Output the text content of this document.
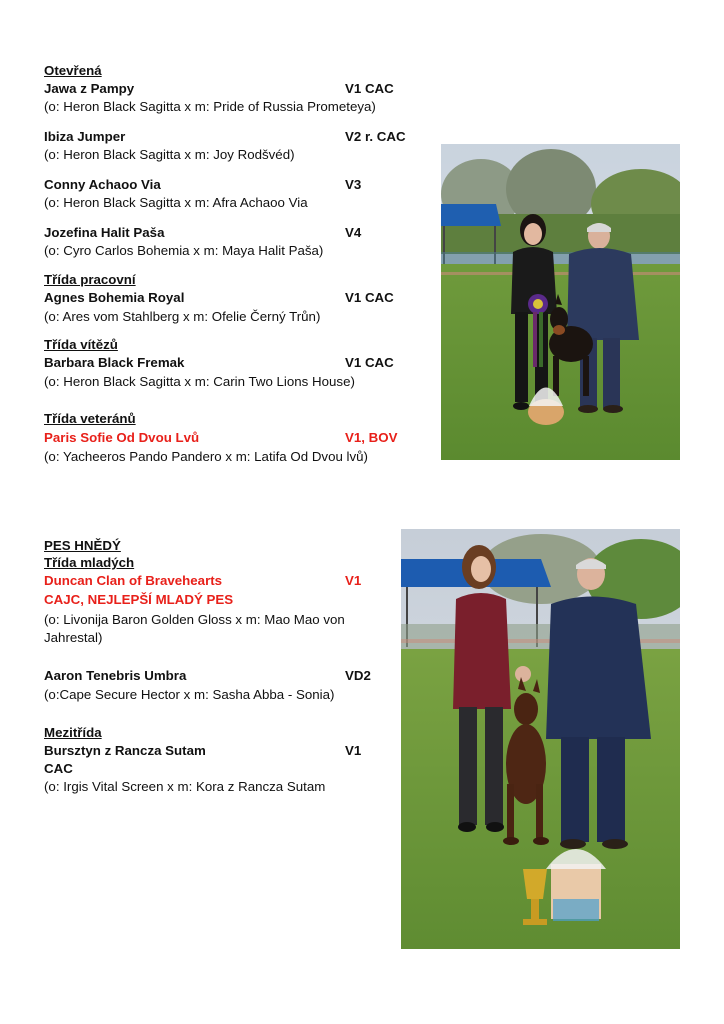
Otevřená
Jawa z Pampy	V1 CAC
(o: Heron Black Sagitta x m: Pride of Russia Prometeya)
Ibiza Jumper	V2 r. CAC
(o: Heron Black Sagitta x m: Joy Rodšvéd)
Conny Achaoo Via	V3
(o: Heron Black Sagitta x m: Afra Achaoo Via
Jozefina Halit Paša	V4
(o: Cyro Carlos Bohemia x m: Maya Halit Paša)
Třída pracovní
Agnes Bohemia Royal	V1 CAC
(o: Ares vom Stahlberg x m: Ofelie Černý Trůn)
Třída vítězů
Barbara Black Fremak	V1 CAC
(o: Heron Black Sagitta x m: Carin Two Lions House)
Třída veteránů
Paris Sofie Od Dvou Lvů	V1, BOV
(o: Yacheeros Pando Pandero x m: Latifa Od Dvou lvů)
PES HNĚDÝ
Třída mladých
Duncan Clan of Bravehearts	V1
CAJC, NEJLEPŠÍ MLADÝ PES
(o: Livonija Baron Golden Gloss x m: Mao Mao von
Jahrestal)
Aaron Tenebris Umbra	VD2
(o:Cape Secure Hector x m: Sasha Abba - Sonia)
Mezitřída
Bursztyn z Rancza Sutam	V1
CAC
(o: Irgis Vital Screen x m: Kora z Rancza Sutam
